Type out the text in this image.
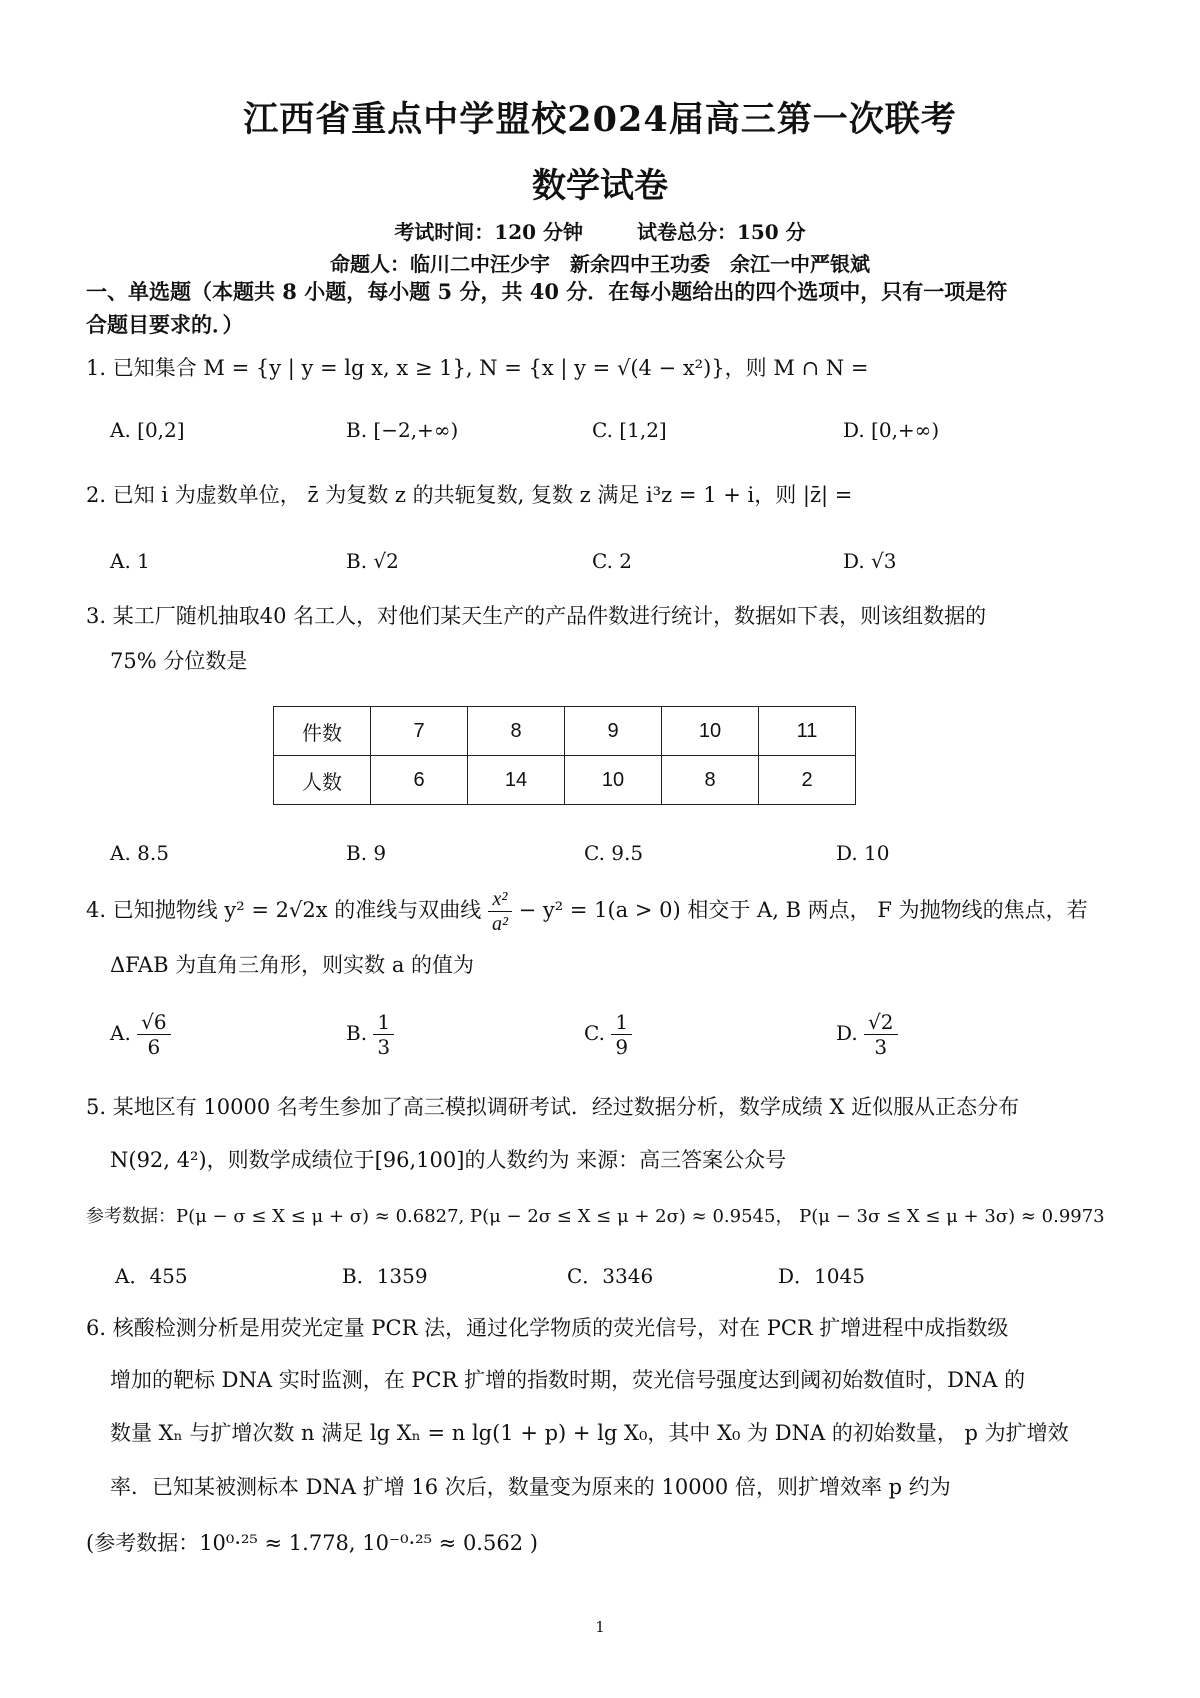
江西省重点中学盟校2024届高三第一次联考
数学试卷
考试时间：120 分钟	试卷总分：150 分
命题人：临川二中汪少宇　新余四中王功委　余江一中严银斌
一、单选题（本题共 8 小题，每小题 5 分，共 40 分．在每小题给出的四个选项中，只有一项是符
合题目要求的．）
1. 已知集合 M = {y | y = lg x, x ≥ 1}, N = {x | y = √(4 − x²)}，则 M ∩ N =
A. [0,2]	B. [−2,+∞)	C. [1,2]	D. [0,+∞)
2. 已知 i 为虚数单位， z̄ 为复数 z 的共轭复数, 复数 z 满足 i³z = 1 + i，则 |z̄| =
A. 1	B. √2	C. 2	D. √3
3. 某工厂随机抽取40 名工人，对他们某天生产的产品件数进行统计，数据如下表，则该组数据的
75% 分位数是
件数	7	8	9	10	11
人数	6	14	10	8	2
A. 8.5	B. 9	C. 9.5	D. 10
4. 已知抛物线 y² = 2√2x 的准线与双曲线 $\frac{\text{x²}}{\text{a²}} - y^2 = 1(a > 0)$ 相交于 A, B 两点， F 为抛物线的焦点，若
ΔFAB 为直角三角形，则实数 a 的值为
A. $\frac{√6}{6}$	B. $\frac{1}{3}$	C. $\frac{1}{9}$	D. $\frac{√2}{3}$
5. 某地区有 10000 名考生参加了高三模拟调研考试．经过数据分析，数学成绩 X 近似服从正态分布
N(92, 4²)，则数学成绩位于[96,100]的人数约为 来源：高三答案公众号
参考数据：P(μ − σ ≤ X ≤ μ + σ) ≈ 0.6827, P(μ − 2σ ≤ X ≤ μ + 2σ) ≈ 0.9545， P(μ − 3σ ≤ X ≤ μ + 3σ) ≈ 0.9973
A．455	B．1359	C．3346	D．1045
6. 核酸检测分析是用荧光定量 PCR 法，通过化学物质的荧光信号，对在 PCR 扩增进程中成指数级
增加的靶标 DNA 实时监测，在 PCR 扩增的指数时期，荧光信号强度达到阈初始数值时，DNA 的
数量 Xₙ 与扩增次数 n 满足 lg Xₙ = n lg(1 + p) + lg X₀，其中 X₀ 为 DNA 的初始数量， p 为扩增效
率．已知某被测标本 DNA 扩增 16 次后，数量变为原来的 10000 倍，则扩增效率 p 约为
(参考数据：10⁰·²⁵ ≈ 1.778, 10⁻⁰·²⁵ ≈ 0.562 )
1
